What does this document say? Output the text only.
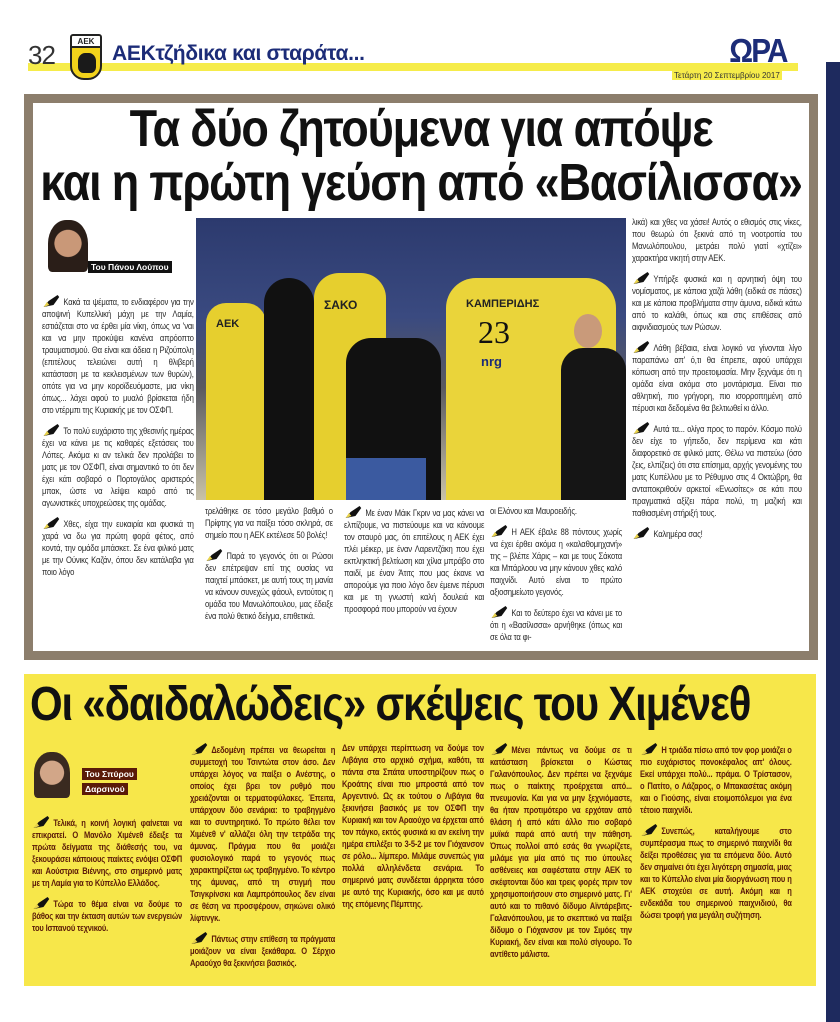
32	ΑΕΚ
ΑΕΚτζήδικα και σταράτα...	ΩΡΑ
Τετάρτη 20 Σεπτεμβρίου 2017
Τα δύο ζητούμενα για απόψε
και η πρώτη γεύση από «Βασίλισσα»
Του Πάνου Λούπου
ΑΕΚ
ΣΑΚΟ	ΚΑΜΠΕΡΙΔΗΣ
23
nrg

Κακά τα ψέματα, το ενδιαφέρον για την αποψινή Κυπελλική μάχη με την Λαμία, εστιάζεται στο να έρθει μία νίκη, όπως να 'ναι και να μην προκύψει κανένα απρόοπτο τραυματισμού. Θα είναι και άδεια η Ριζούπολη (επιτέλους τελειώνει αυτή η θλιβερή κατάσταση με τα κεκλεισμένων των θυρών), οπότε για να μην κοροϊδευόμαστε, μια νίκη όπως... λάχει αφού το μυαλό βρίσκεται ήδη στο ντέρμπι της Κυριακής με τον ΟΣΦΠ.

Το πολύ ευχάριστο της χθεσινής ημέρας έχει να κάνει με τις καθαρές εξετάσεις του Λόπες. Ακόμα κι αν τελικά δεν προλάβει το ματς με τον ΟΣΦΠ, είναι σημαντικό το ότι δεν έχει κάτι σοβαρό ο Πορτογάλος αριστερός μπακ, ώστε να λείψει καιρό από τις αγωνιστικές υποχρεώσεις της ομάδας.

Χθες, είχα την ευκαιρία και φυσικά τη χαρά να δω για πρώτη φορά φέτος, από κοντά, την ομάδα μπάσκετ. Σε ένα φιλικό ματς με την Ούνικς Καζάν, όπου δεν κατάλαβα για ποιο λόγο

τρελάθηκε σε τόσο μεγάλο βαθμό ο Πρίφτης για να παίξει τόσο σκληρά, σε σημείο που η ΑΕΚ εκτέλεσε 50 βολές!

Παρά το γεγονός ότι οι Ρώσοι δεν επέτρεψαν επί της ουσίας να παιχτεί μπάσκετ, με αυτή τους τη μανία να κάνουν συνεχώς φάουλ, εντούτοις η ομάδα του Μανωλόπουλου, μας έδειξε ένα πολύ θετικό δείγμα, επιθετικά.

Με έναν Μάικ Γκριν να μας κάνει να ελπίζουμε, να πιστεύουμε και να κάνουμε τον σταυρό μας, ότι επιτέλους η ΑΕΚ έχει πλέι μέικερ, με έναν Λαρεντζάκη που έχει εκπληκτική βελτίωση και χίλια μπράβο στο παιδί, με έναν Άτιτς που μας έκανε να απορούμε για ποιο λόγο δεν έμεινε πέρυσι και με τη γνωστή καλή δουλειά και προσφορά που μπορούν να έχουν

οι Ελόνου και Μαυροειδής.

Η ΑΕΚ έβαλε 88 πόντους χωρίς να έχει έρθει ακόμα η «καλαθομηχανή» της – βλέπε Χάρις – και με τους Σάκοτα και Μπάρλοου να μην κάνουν χθες καλό παιχνίδι. Αυτό είναι το πρώτο αξιοσημείωτο γεγονός.

Και το δεύτερο έχει να κάνει με το ότι η «Βασίλισσα» αρνήθηκε (όπως και σε όλα τα φι-

λικά) και χθες να χάσει! Αυτός ο εθισμός στις νίκες, που θεωρώ ότι ξεκινά από τη νοοτροπία του Μανωλόπουλου, μετράει πολύ γιατί «χτίζει» χαρακτήρα νικητή στην ΑΕΚ.

Υπήρξε φυσικά και η αρνητική όψη του νομίσματος, με κάποια χαζά λάθη (ειδικά σε πάσες) και με κάποια προβλήματα στην άμυνα, ειδικά κάτω από το καλάθι, όπως και στις επιθέσεις από αιφνιδιασμούς των Ρώσων.

Λάθη βέβαια, είναι λογικό να γίνονται λίγο παραπάνω απ' ό,τι θα έπρεπε, αφού υπάρχει κόπωση από την προετοιμασία. Μην ξεχνάμε ότι η ομάδα είναι ακόμα στο μοντάρισμα. Είναι πιο αθλητική, πιο γρήγορη, πιο ισορροπημένη από πέρυσι και δεδομένα θα βελτιωθεί κι άλλο.

Αυτά τα... ολίγα προς το παρόν. Κόσμο πολύ δεν είχε το γήπεδο, δεν περίμενα και κάτι διαφορετικό σε φιλικό ματς. Θέλω να πιστεύω (όσο ζεις, ελπίζεις) ότι στα επίσημα, αρχής γενομένης του ματς Κυπέλλου με το Ρέθυμνο στις 4 Οκτώβρη, θα ανταποκριθούν αρκετοί «Ενωσίτες» σε κάτι που πραγματικά αξίζει πάρα πολύ, τη μαζική και παθιασμένη στήριξή τους.

Καλημέρα σας!

Οι «δαιδαλώδεις» σκέψεις του Χιμένεθ
Του Σπύρου
Δαρσινού

Τελικά, η κοινή λογική φαίνεται να επικρατεί. Ο Μανόλο Χιμένεθ έδειξε τα πρώτα δείγματα της διάθεσής του, να ξεκουράσει κάποιους παίκτες ενόψει ΟΣΦΠ και Αούστρια Βιέννης, στο σημερινό ματς με τη Λαμία για το Κύπελλο Ελλάδος.

Τώρα το θέμα είναι να δούμε το βάθος και την έκταση αυτών των ενεργειών του Ισπανού τεχνικού.

Δεδομένη πρέπει να θεωρείται η συμμετοχή του Τσιντώτα στον άσο. Δεν υπάρχει λόγος να παίξει ο Ανέστης, ο οποίος έχει βρει τον ρυθμό που χρειάζονται οι τερματοφύλακες. Έπειτα, υπάρχουν δύο σενάρια: το τραβηγμένο και το συντηρητικό. Το πρώτο θέλει τον Χιμένεθ ν' αλλάζει όλη την τετράδα της άμυνας. Πράγμα που θα μοιάζει φυσιολογικό παρά το γεγονός πως χαρακτηρίζεται ως τραβηγμένο. Το κέντρο της άμυνας, από τη στιγμή που Τσιγκρίνσκι και Λαμπρόπουλος δεν είναι σε θέση να προσφέρουν, σηκώνει ολικό λίφτινγκ.

Πάντως στην επίθεση τα πράγματα μοιάζουν να είναι ξεκάθαρα. Ο Σέρχιο Αραούχο θα ξεκινήσει βασικός.

Δεν υπάρχει περίπτωση να δούμε τον Λιβάγια στο αρχικό σχήμα, καθότι, τα πάντα στα Σπάτα υποστηρίζουν πως ο Κροάτης είναι πιο μπροστά από τον Αργεντινό. Ως εκ τούτου ο Λιβάγια θα ξεκινήσει βασικός με τον ΟΣΦΠ την Κυριακή και τον Αραούχο να έρχεται από τον πάγκο, εκτός φυσικά κι αν εκείνη την ημέρα επιλέξει το 3-5-2 με τον Γιόχανσον σε ρόλο... λίμπερο. Μιλάμε συνεπώς για πολλά αλληλένδετα σενάρια. Το σημερινό ματς συνδέεται άρρηκτα τόσο με αυτό της Κυριακής, όσο και με αυτό της επόμενης Πέμπτης.

Μένει πάντως να δούμε σε τι κατάσταση βρίσκεται ο Κώστας Γαλανόπουλος. Δεν πρέπει να ξεχνάμε πως ο παίκτης προέρχεται από... πνευμονία. Και για να μην ξεχνιόμαστε, θα ήταν προτιμότερο να ερχόταν από θλάση ή από κάτι άλλο πιο σοβαρό μυϊκά παρά από αυτή την πάθηση. Όπως πολλοί από εσάς θα γνωρίζετε, μιλάμε για μία από τις πιο ύπουλες ασθένειες και σαφέστατα στην ΑΕΚ το σκέφτονται δύο και τρεις φορές πριν τον χρησιμοποιήσουν στο σημερινό ματς. Γι' αυτό και το πιθανό δίδυμο Αϊντάρεβιτς-Γαλανόπουλου, με το σκεπτικό να παίξει δίδυμο ο Γιόχανσον με τον Σιμόες την Κυριακή, δεν είναι και πολύ σίγουρο. Το αντίθετο μάλιστα.

Η τριάδα πίσω από τον φορ μοιάζει ο πιο ευχάριστος πονοκέφαλος απ' όλους. Εκεί υπάρχει πολύ... πράμα. Ο Τρίστασον, ο Πατίτο, ο Λάζαρος, ο Μπακασέτας ακόμη και ο Γιούσης, είναι ετοιμοπόλεμοι για ένα τέτοιο παιχνίδι.

Συνεπώς, καταλήγουμε στο συμπέρασμα πως το σημερινό παιχνίδι θα δείξει προθέσεις για τα επόμενα δύο. Αυτό δεν σημαίνει ότι έχει λιγότερη σημασία, μιας και το Κύπελλο είναι μία διοργάνωση που η ΑΕΚ στοχεύει σε αυτή. Ακόμη και η ενδεκάδα του σημερινού παιχνιδιού, θα δώσει τροφή για μεγάλη συζήτηση.
